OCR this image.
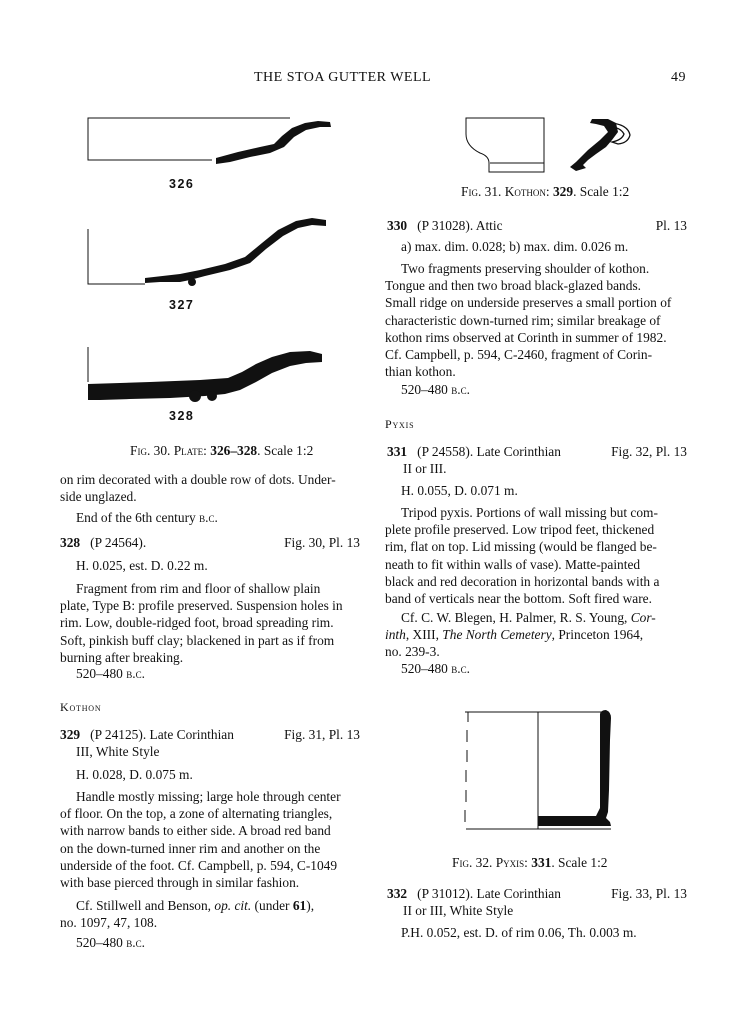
THE STOA GUTTER WELL	49
326
327
328
Fig. 30. Plate: 326–328. Scale 1:2
on rim decorated with a double row of dots. Under-
side unglazed.
End of the 6th century b.c.
328 (P 24564).	Fig. 30, Pl. 13
H. 0.025, est. D. 0.22 m.
Fragment from rim and floor of shallow plain
plate, Type B: profile preserved. Suspension holes in
rim. Low, double-ridged foot, broad spreading rim.
Soft, pinkish buff clay; blackened in part as if from
burning after breaking.
520–480 b.c.
Kothon
329 (P 24125). Late Corinthian	Fig. 31, Pl. 13
III, White Style
H. 0.028, D. 0.075 m.
Handle mostly missing; large hole through center
of floor. On the top, a zone of alternating triangles,
with narrow bands to either side. A broad red band
on the down-turned inner rim and another on the
underside of the foot. Cf. Campbell, p. 594, C-1049
with base pierced through in similar fashion.
Cf. Stillwell and Benson, op. cit. (under 61),
no. 1097, 47, 108.
520–480 b.c.
Fig. 31. Kothon: 329. Scale 1:2
330 (P 31028). Attic	Pl. 13
a) max. dim. 0.028; b) max. dim. 0.026 m.
Two fragments preserving shoulder of kothon.
Tongue and then two broad black-glazed bands.
Small ridge on underside preserves a small portion of
characteristic down-turned rim; similar breakage of
kothon rims observed at Corinth in summer of 1982.
Cf. Campbell, p. 594, C-2460, fragment of Corin-
thian kothon.
520–480 b.c.
Pyxis
331 (P 24558). Late Corinthian	Fig. 32, Pl. 13
II or III.
H. 0.055, D. 0.071 m.
Tripod pyxis. Portions of wall missing but com-
plete profile preserved. Low tripod feet, thickened
rim, flat on top. Lid missing (would be flanged be-
neath to fit within walls of vase). Matte-painted
black and red decoration in horizontal bands with a
band of verticals near the bottom. Soft fired ware.
Cf. C. W. Blegen, H. Palmer, R. S. Young, Cor-
inth, XIII, The North Cemetery, Princeton 1964,
no. 239-3.
520–480 b.c.
Fig. 32. Pyxis: 331. Scale 1:2
332 (P 31012). Late Corinthian	Fig. 33, Pl. 13
II or III, White Style
P.H. 0.052, est. D. of rim 0.06, Th. 0.003 m.
